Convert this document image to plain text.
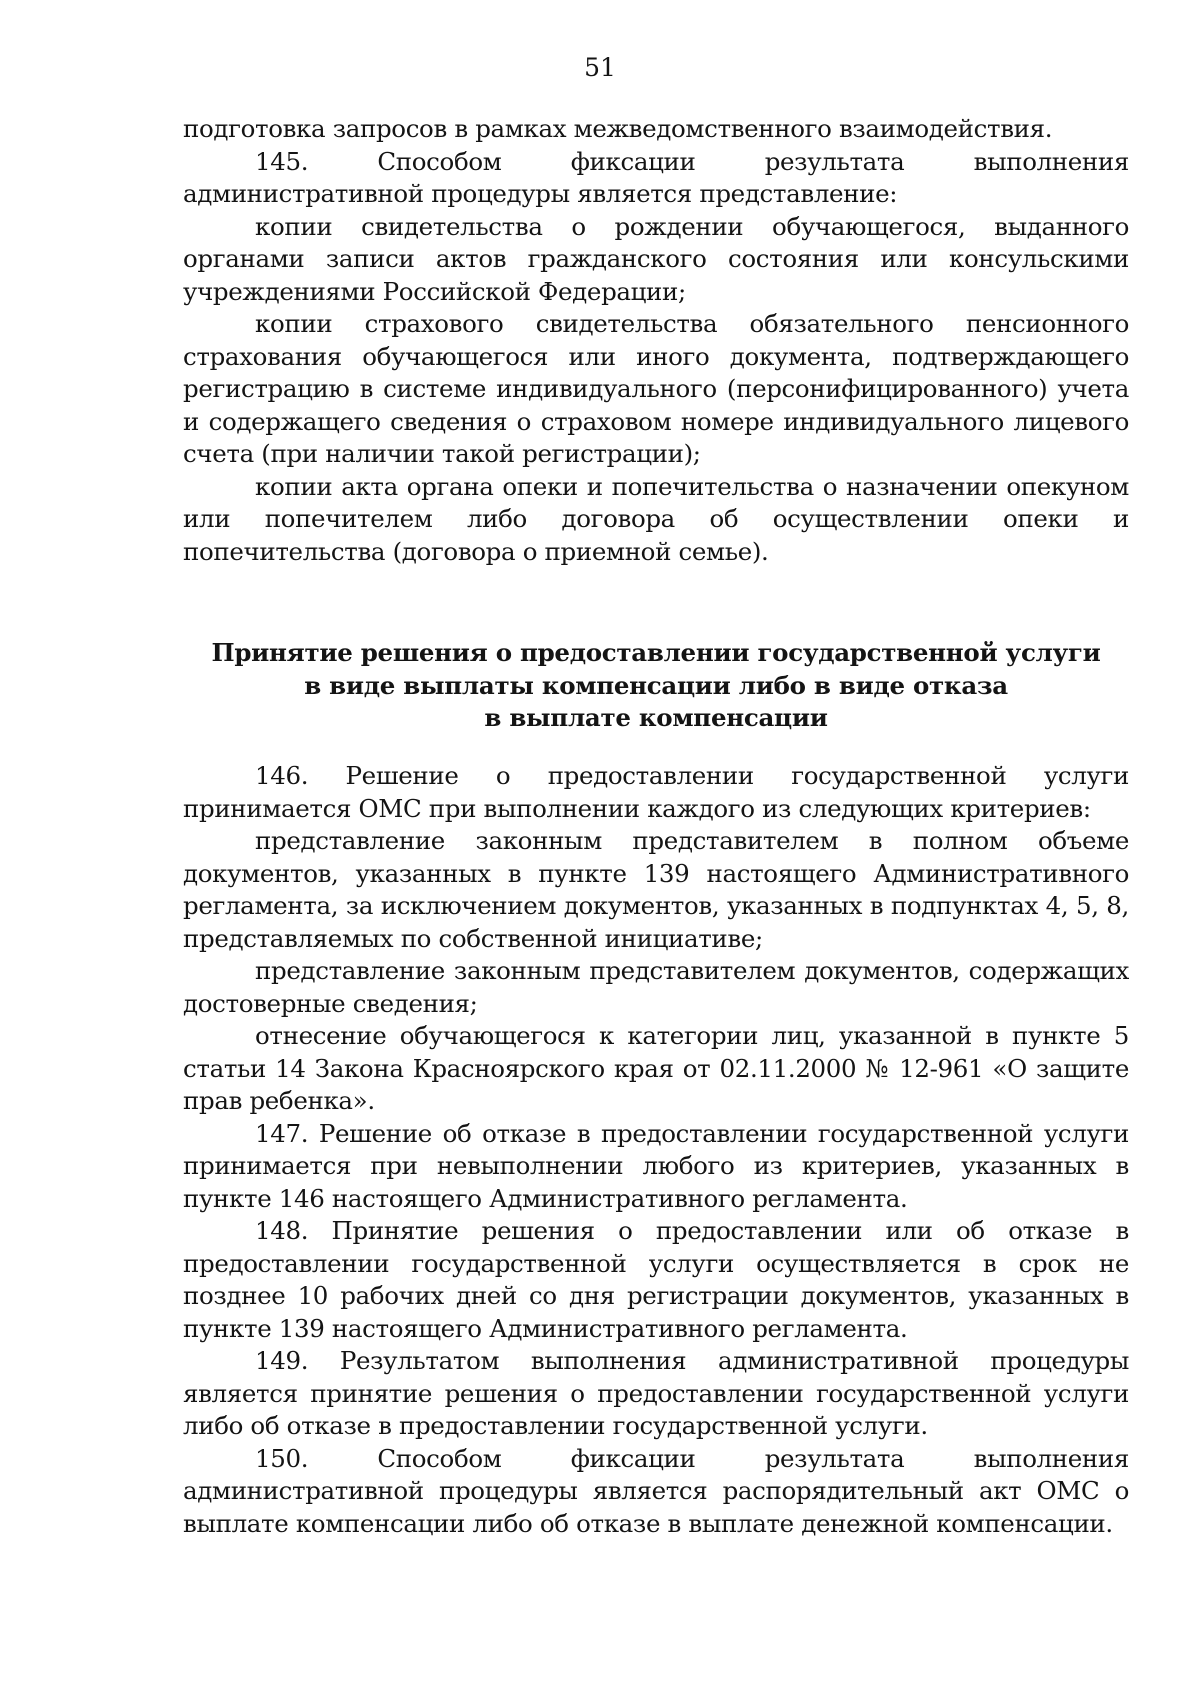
51

подготовка запросов в рамках межведомственного взаимодействия.

145. Способом фиксации результата выполнения административной процедуры является представление:

копии свидетельства о рождении обучающегося, выданного органами записи актов гражданского состояния или консульскими учреждениями Российской Федерации;

копии страхового свидетельства обязательного пенсионного страхования обучающегося или иного документа, подтверждающего регистрацию в системе индивидуального (персонифицированного) учета и содержащего сведения о страховом номере индивидуального лицевого счета (при наличии такой регистрации);

копии акта органа опеки и попечительства о назначении опекуном или попечителем либо договора об осуществлении опеки и попечительства (договора о приемной семье).

Принятие решения о предоставлении государственной услуги
в виде выплаты компенсации либо в виде отказа
в выплате компенсации

146. Решение о предоставлении государственной услуги принимается ОМС при выполнении каждого из следующих критериев:

представление законным представителем в полном объеме документов, указанных в пункте 139 настоящего Административного регламента, за исключением документов, указанных в подпунктах 4, 5, 8, представляемых по собственной инициативе;

представление законным представителем документов, содержащих достоверные сведения;

отнесение обучающегося к категории лиц, указанной в пункте 5 статьи 14 Закона Красноярского края от 02.11.2000 № 12-961 «О защите прав ребенка».

147. Решение об отказе в предоставлении государственной услуги принимается при невыполнении любого из критериев, указанных в пункте 146 настоящего Административного регламента.

148. Принятие решения о предоставлении или об отказе в предоставлении государственной услуги осуществляется в срок не позднее 10 рабочих дней со дня регистрации документов, указанных в пункте 139 настоящего Административного регламента.

149. Результатом выполнения административной процедуры является принятие решения о предоставлении государственной услуги либо об отказе в предоставлении государственной услуги.

150. Способом фиксации результата выполнения административной процедуры является распорядительный акт ОМС о выплате компенсации либо об отказе в выплате денежной компенсации.
